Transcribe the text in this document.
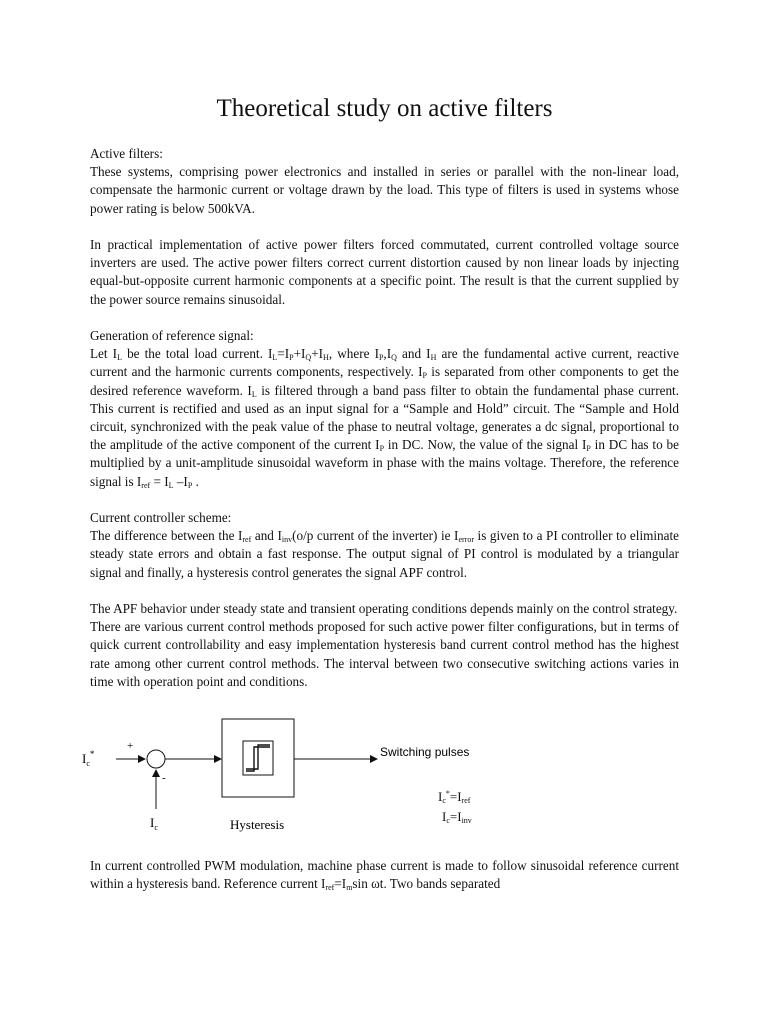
Theoretical study on active filters

Active filters:

These systems, comprising power electronics and installed in series or parallel with the non-linear load, compensate the harmonic current or voltage drawn by the load. This type of filters is used in systems whose power rating is below 500kVA.

In practical implementation of active power filters forced commutated, current controlled voltage source inverters are used. The active power filters correct current distortion caused by non linear loads by injecting equal-but-opposite current harmonic components at a specific point. The result is that the current supplied by the power source remains sinusoidal.

Generation of reference signal:

Let $I_L$ be the total load current. $I_L=I_P+I_Q+I_H$, where $I_P,I_Q$ and $I_H$ are the fundamental active current, reactive current and the harmonic currents components, respectively. $I_P$ is separated from other components to get the desired reference waveform. $I_L$ is filtered through a band pass filter to obtain the fundamental phase current. This current is rectified and used as an input signal for a “Sample and Hold” circuit. The “Sample and Hold circuit, synchronized with the peak value of the phase to neutral voltage, generates a dc signal, proportional to the amplitude of the active component of the current $I_P$ in DC. Now, the value of the signal $I_P$ in DC has to be multiplied by a unit-amplitude sinusoidal waveform in phase with the mains voltage. Therefore, the reference signal is $I_{ref} = I_L$ $-I_P$ .

Current controller scheme:

The difference between the $I_{ref}$ and $I_{inv}(o/p$ current of the inverter) ie $I_{error}$ is given to a PI controller to eliminate steady state errors and obtain a fast response. The output signal of PI control is modulated by a triangular signal and finally, a hysteresis control generates the signal APF control.

The APF behavior under steady state and transient operating conditions depends mainly on the control strategy.

There are various current control methods proposed for such active power filter configurations, but in terms of quick current controllability and easy implementation hysteresis band current control method has the highest rate among other current control methods. The interval between two consecutive switching actions varies in time with operation point and conditions.

$I_c^*$
+
-
$I_c$	Hysteresis
Switching pulses
$I_c^*=I_{ref}$
$I_c=I_{inv}$

In current controlled PWM modulation, machine phase current is made to follow sinusoidal reference current within a hysteresis band. Reference current $I_{ref}=I_m\sin$ ωt. Two bands separated
